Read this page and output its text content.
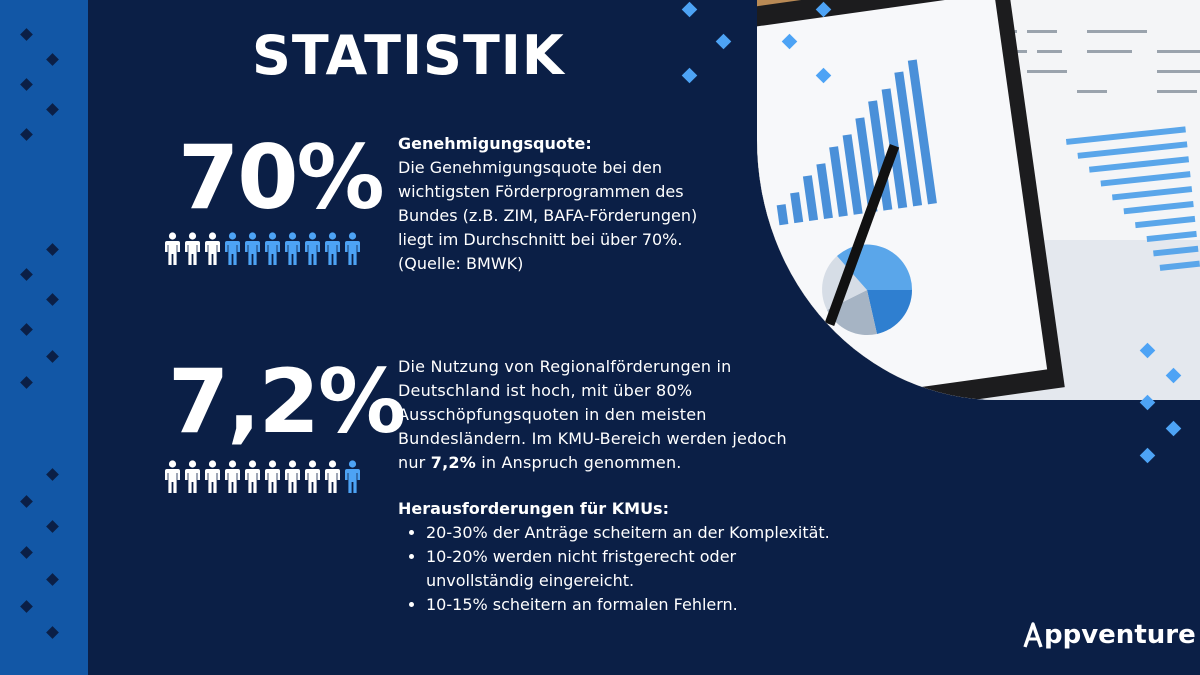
STATISTIK
70% Genehmigungsquote:
Die Genehmigungsquote bei den
wichtigsten Förderprogrammen des
Bundes (z.B. ZIM, BAFA-Förderungen)
liegt im Durchschnitt bei über 70%.
(Quelle: BMWK)
7,2%
Die Nutzung von Regionalförderungen in
Deutschland ist hoch, mit über 80%
Ausschöpfungsquoten in den meisten
Bundesländern. Im KMU-Bereich werden jedoch
nur 7,2% in Anspruch genommen.
Herausforderungen für KMUs:
• 20-30% der Anträge scheitern an der Komplexität.
• 10-20% werden nicht fristgerecht oder
unvollständig eingereicht.
• 10-15% scheitern an formalen Fehlern.
ppventure
